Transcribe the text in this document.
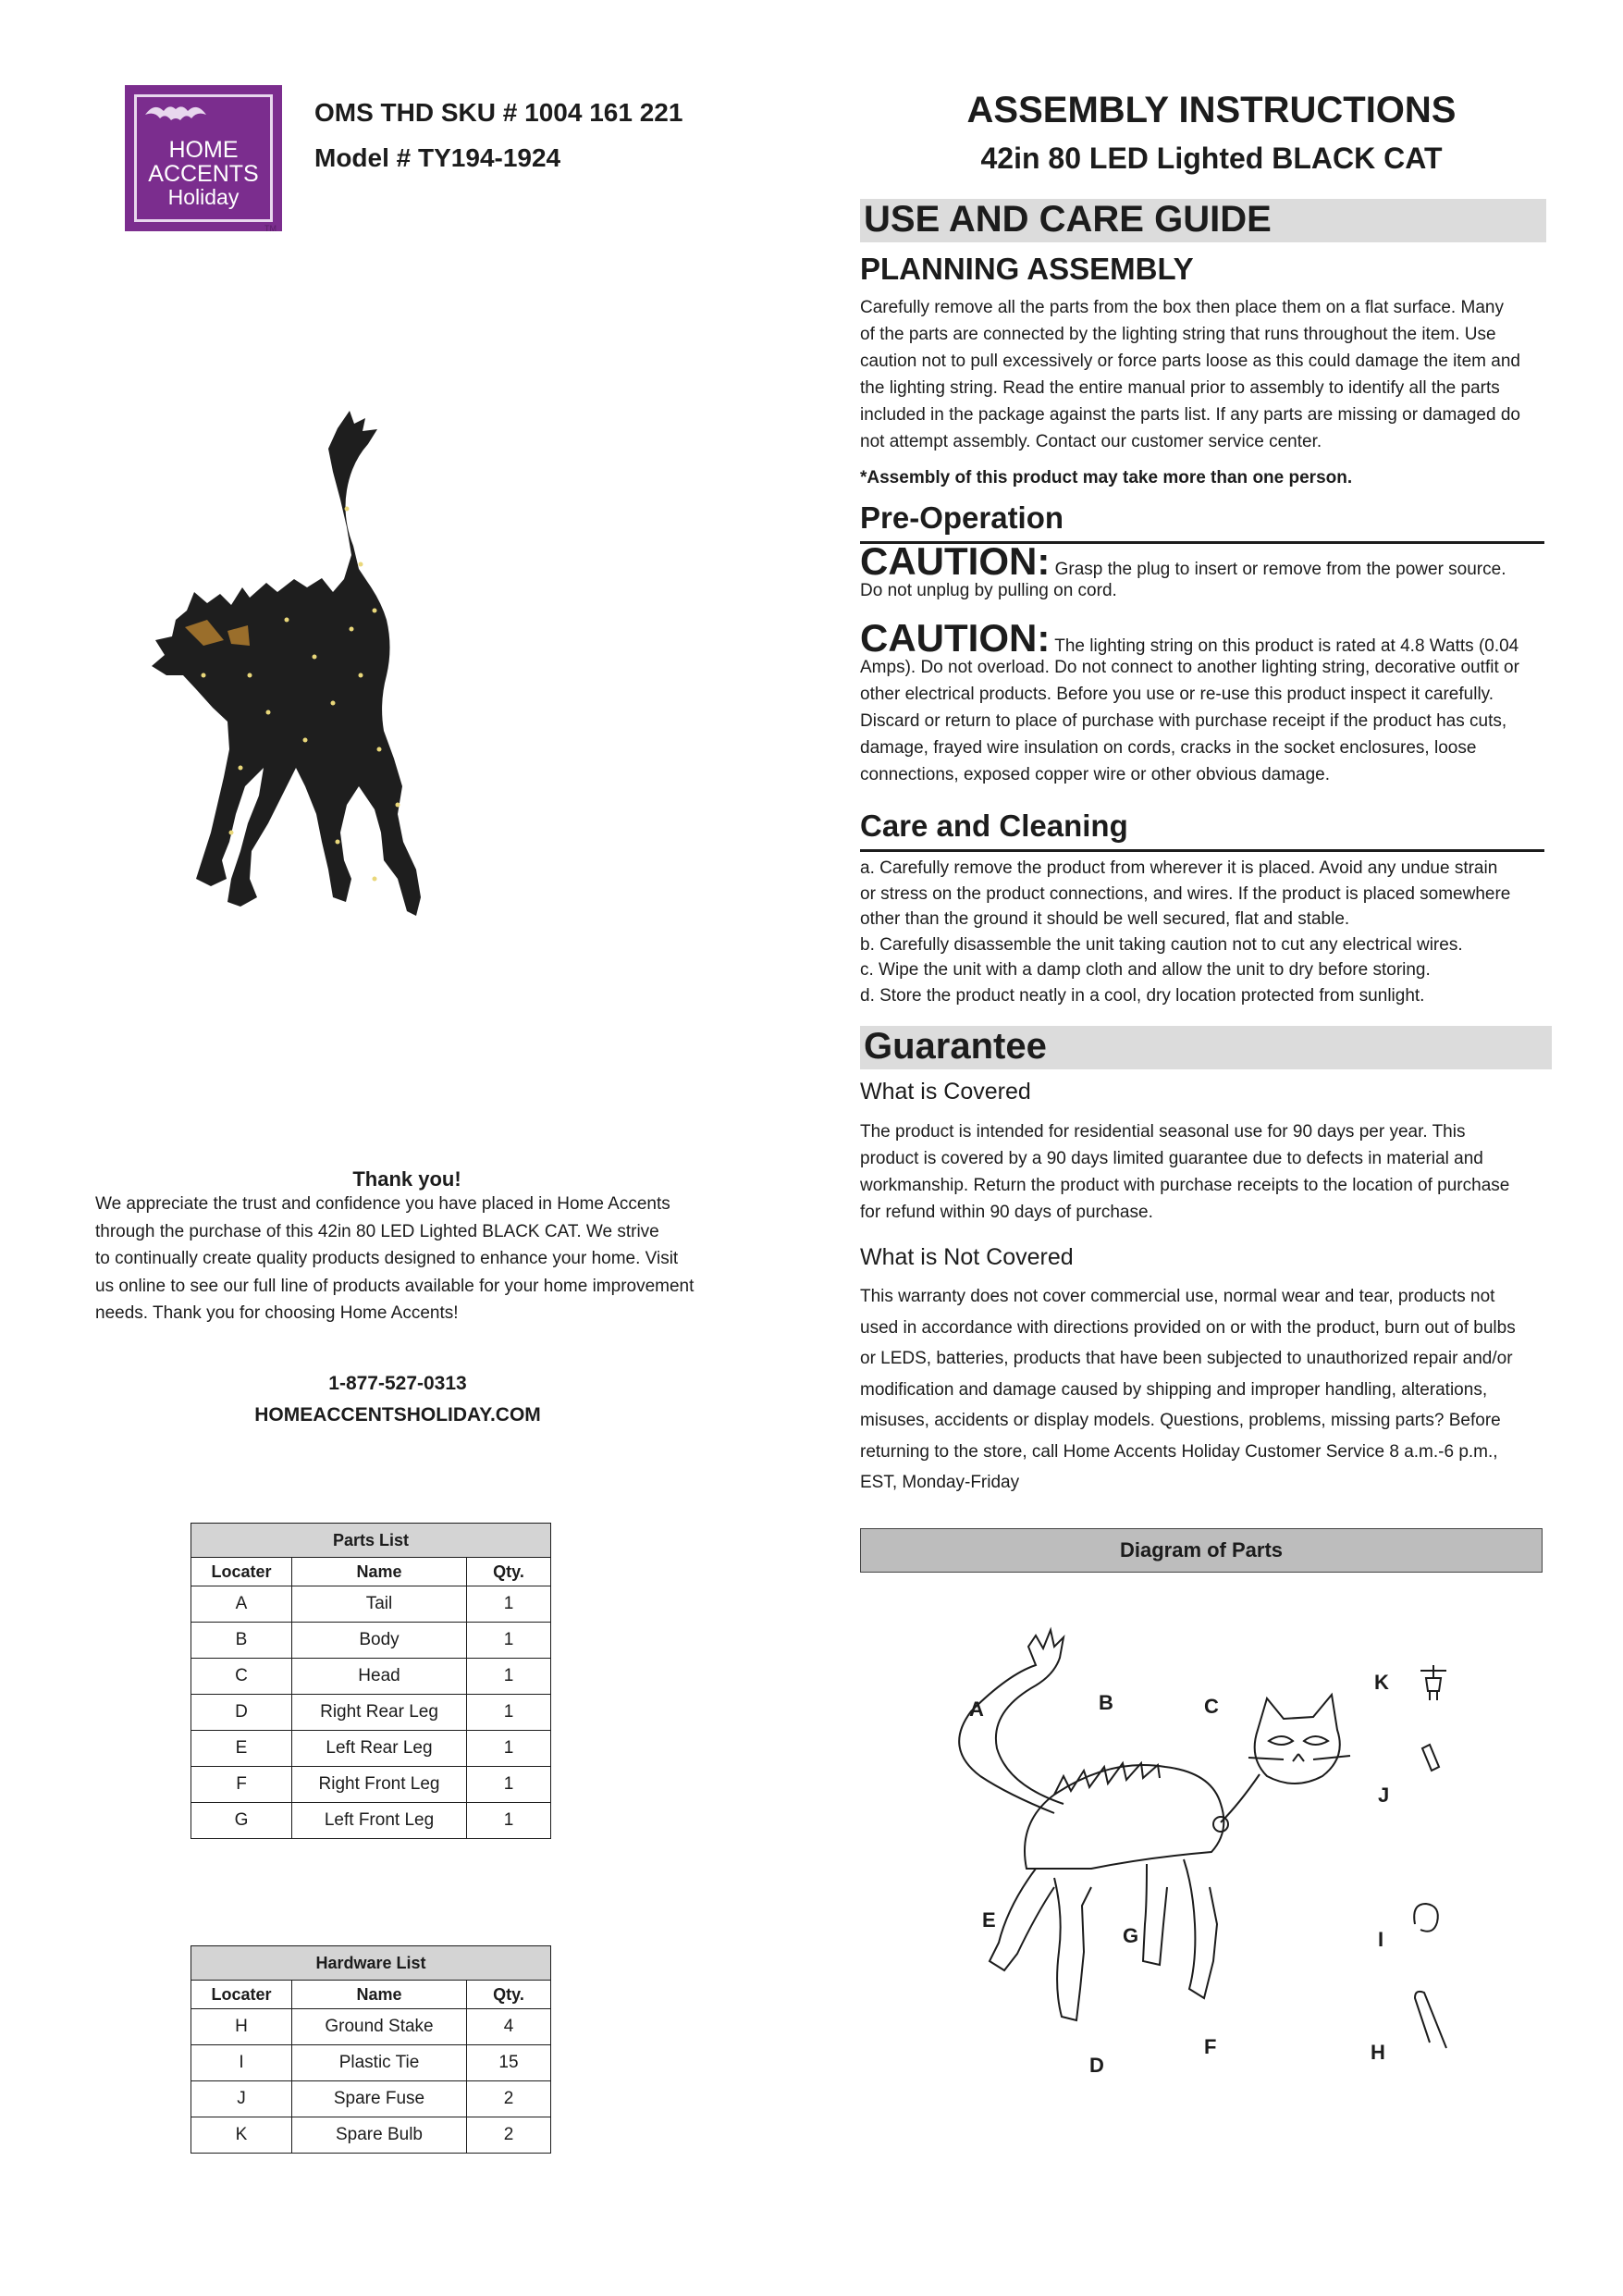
HOME
ACCENTS
Holiday
TM
OMS THD SKU # 1004 161 221
Model # TY194-1924
ASSEMBLY INSTRUCTIONS
42in 80 LED Lighted BLACK CAT
Thank you!
We appreciate the trust and confidence you have placed in Home Accents
through the purchase of this 42in 80 LED Lighted BLACK CAT. We strive
to continually create quality products designed to enhance your home. Visit
us online to see our full line of products available for your home improvement
needs. Thank you for choosing Home Accents!
1-877-527-0313
HOMEACCENTSHOLIDAY.COM
Parts List		
Locater	Name	Qty.
A	Tail	1
B	Body	1
C	Head	1
D	Right Rear Leg	1
E	Left Rear Leg	1
F	Right Front Leg	1
G	Left Front Leg	1
Hardware List		
Locater	Name	Qty.
H	Ground Stake	4
I	Plastic Tie	15
J	Spare Fuse	2
K	Spare Bulb	2
USE AND CARE GUIDE
PLANNING ASSEMBLY
Carefully remove all the parts from the box then place them on a flat surface. Many
of the parts are connected by the lighting string that runs throughout the item. Use
caution not to pull excessively or force parts loose as this could damage the item and
the lighting string. Read the entire manual prior to assembly to identify all the parts
included in the package against the parts list. If any parts are missing or damaged do
not attempt assembly. Contact our customer service center.
*Assembly of this product may take more than one person.
Pre-Operation
CAUTION: Grasp the plug to insert or remove from the power source.
Do not unplug by pulling on cord.
CAUTION: The lighting string on this product is rated at 4.8 Watts (0.04
Amps). Do not overload. Do not connect to another lighting string, decorative outfit or
other electrical products. Before you use or re-use this product inspect it carefully.
Discard or return to place of purchase with purchase receipt if the product has cuts,
damage, frayed wire insulation on cords, cracks in the socket enclosures, loose
connections, exposed copper wire or other obvious damage.
Care and Cleaning
a. Carefully remove the product from wherever it is placed. Avoid any undue strain
or stress on the product connections, and wires. If the product is placed somewhere
other than the ground it should be well secured, flat and stable.
b. Carefully disassemble the unit taking caution not to cut any electrical wires.
c. Wipe the unit with a damp cloth and allow the unit to dry before storing.
d. Store the product neatly in a cool, dry location protected from sunlight.
Guarantee
What is Covered
The product is intended for residential seasonal use for 90 days per year. This
product is covered by a 90 days limited guarantee due to defects in material and
workmanship. Return the product with purchase receipts to the location of purchase
for refund within 90 days of purchase.
What is Not Covered
This warranty does not cover commercial use, normal wear and tear, products not
used in accordance with directions provided on or with the product, burn out of bulbs
or LEDS, batteries, products that have been subjected to unauthorized repair and/or
modification and damage caused by shipping and improper handling, alterations,
misuses, accidents or display models. Questions, problems, missing parts? Before
returning to the store, call Home Accents Holiday Customer Service 8 a.m.-6 p.m.,
EST, Monday-Friday
Diagram of Parts
A	B	C
D
E
F
G
H
I
J
K
